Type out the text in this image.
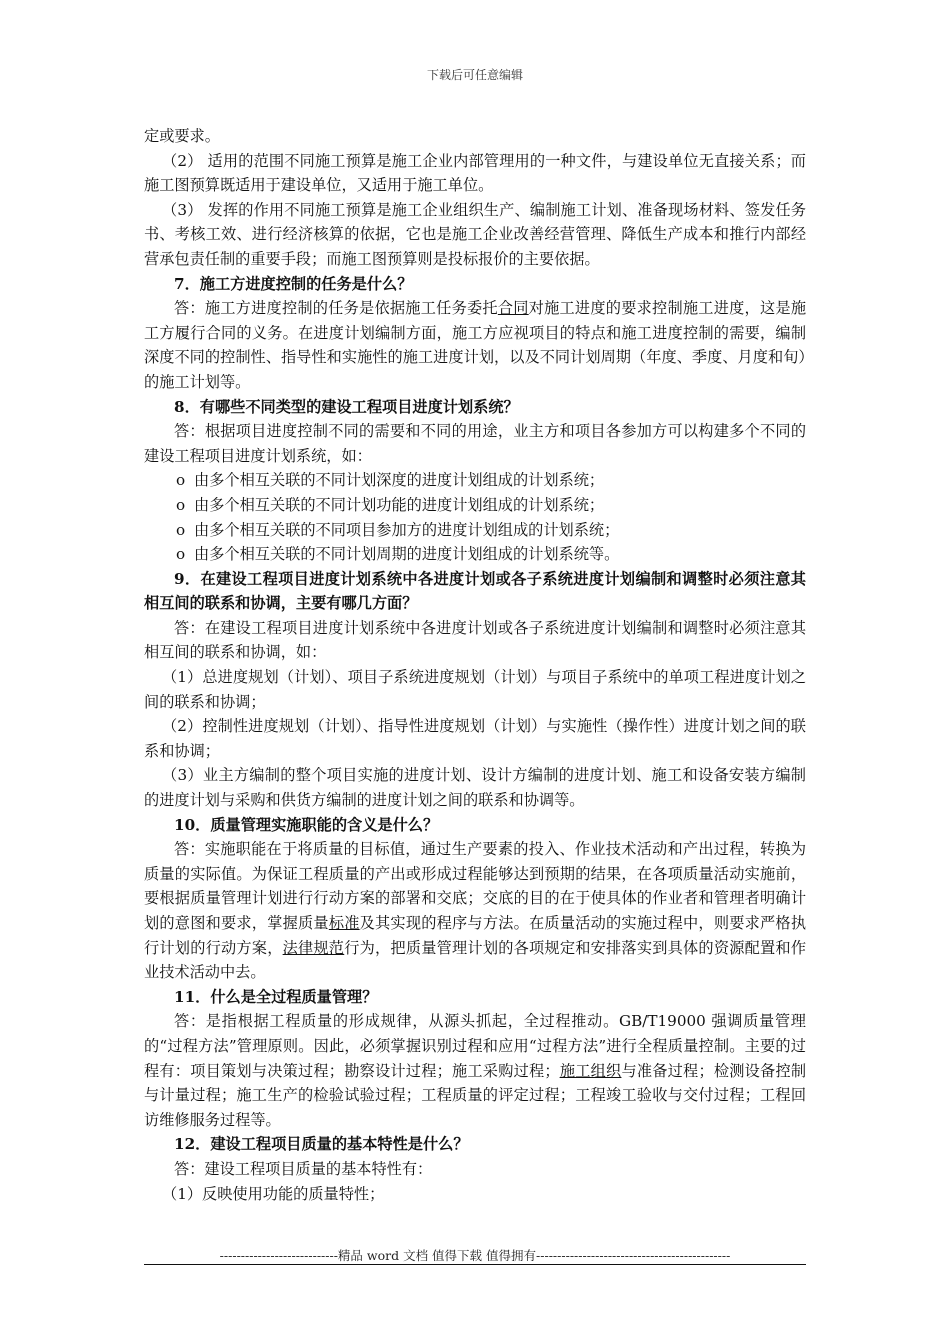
下载后可任意编辑

定或要求。

（2） 适用的范围不同施工预算是施工企业内部管理用的一种文件，与建设单位无直接关系；而施工图预算既适用于建设单位，又适用于施工单位。

（3） 发挥的作用不同施工预算是施工企业组织生产、编制施工计划、准备现场材料、签发任务书、考核工效、进行经济核算的依据，它也是施工企业改善经营管理、降低生产成本和推行内部经营承包责任制的重要手段；而施工图预算则是投标报价的主要依据。

7．施工方进度控制的任务是什么？

答：施工方进度控制的任务是依据施工任务委托合同对施工进度的要求控制施工进度，这是施工方履行合同的义务。在进度计划编制方面，施工方应视项目的特点和施工进度控制的需要，编制深度不同的控制性、指导性和实施性的施工进度计划，以及不同计划周期（年度、季度、月度和旬）的施工计划等。

8．有哪些不同类型的建设工程项目进度计划系统？

答：根据项目进度控制不同的需要和不同的用途，业主方和项目各参加方可以构建多个不同的建设工程项目进度计划系统，如：

o 由多个相互关联的不同计划深度的进度计划组成的计划系统；

o 由多个相互关联的不同计划功能的进度计划组成的计划系统；

o 由多个相互关联的不同项目参加方的进度计划组成的计划系统；

o 由多个相互关联的不同计划周期的进度计划组成的计划系统等。

9．在建设工程项目进度计划系统中各进度计划或各子系统进度计划编制和调整时必须注意其相互间的联系和协调，主要有哪几方面？

答：在建设工程项目进度计划系统中各进度计划或各子系统进度计划编制和调整时必须注意其相互间的联系和协调，如：

（1）总进度规划（计划）、项目子系统进度规划（计划）与项目子系统中的单项工程进度计划之间的联系和协调；

（2）控制性进度规划（计划）、指导性进度规划（计划）与实施性（操作性）进度计划之间的联系和协调；

（3）业主方编制的整个项目实施的进度计划、设计方编制的进度计划、施工和设备安装方编制的进度计划与采购和供货方编制的进度计划之间的联系和协调等。

10．质量管理实施职能的含义是什么？

答：实施职能在于将质量的目标值，通过生产要素的投入、作业技术活动和产出过程，转换为质量的实际值。为保证工程质量的产出或形成过程能够达到预期的结果，在各项质量活动实施前，要根据质量管理计划进行行动方案的部署和交底；交底的目的在于使具体的作业者和管理者明确计划的意图和要求，掌握质量标准及其实现的程序与方法。在质量活动的实施过程中，则要求严格执行计划的行动方案，法律规范行为，把质量管理计划的各项规定和安排落实到具体的资源配置和作业技术活动中去。

11．什么是全过程质量管理？

答：是指根据工程质量的形成规律，从源头抓起，全过程推动。GB/T19000 强调质量管理的“过程方法”管理原则。因此，必须掌握识别过程和应用“过程方法”进行全程质量控制。主要的过程有：项目策划与决策过程；勘察设计过程；施工采购过程；施工组织与准备过程；检测设备控制与计量过程；施工生产的检验试验过程；工程质量的评定过程；工程竣工验收与交付过程；工程回访维修服务过程等。

12．建设工程项目质量的基本特性是什么？

答：建设工程项目质量的基本特性有：

（1）反映使用功能的质量特性；

----------------------------精品 word 文档 值得下载 值得拥有----------------------------------------------
